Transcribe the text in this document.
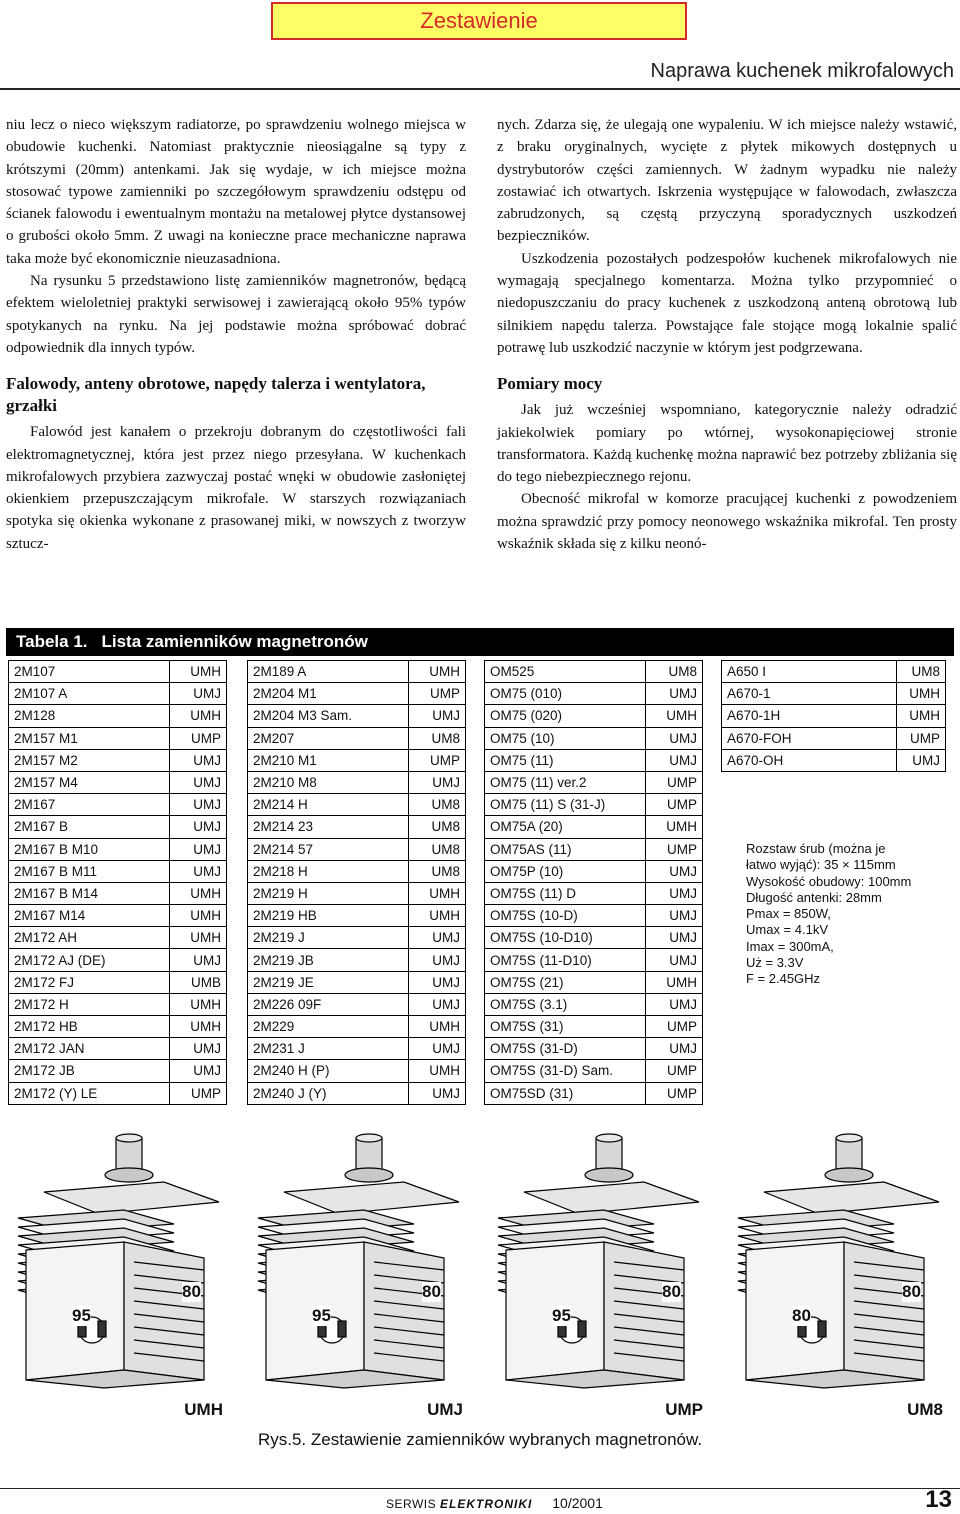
Zestawienie
Naprawa kuchenek mikrofalowych

niu lecz o nieco większym radiatorze, po sprawdzeniu wolnego miejsca w obudowie kuchenki. Natomiast praktycznie nieosiągalne są typy z krótszymi (20mm) antenkami. Jak się wydaje, w ich miejsce można stosować typowe zamienniki po szczegółowym sprawdzeniu odstępu od ścianek falowodu i ewentualnym montażu na metalowej płytce dystansowej o grubości około 5mm. Z uwagi na konieczne prace mechaniczne naprawa taka może być ekonomicznie nieuzasadniona.

Na rysunku 5 przedstawiono listę zamienników magnetronów, będącą efektem wieloletniej praktyki serwisowej i zawierającą około 95% typów spotykanych na rynku. Na jej podstawie można spróbować dobrać odpowiednik dla innych typów.

Falowody, anteny obrotowe, napędy talerza i wentylatora, grzałki

Falowód jest kanałem o przekroju dobranym do częstotliwości fali elektromagnetycznej, która jest przez niego przesyłana. W kuchenkach mikrofalowych przybiera zazwyczaj postać wnęki w obudowie zasłoniętej okienkiem przepuszczającym mikrofale. W starszych rozwiązaniach spotyka się okienka wykonane z prasowanej miki, w nowszych z tworzyw sztucz-

nych. Zdarza się, że ulegają one wypaleniu. W ich miejsce należy wstawić, z braku oryginalnych, wycięte z płytek mikowych dostępnych u dystrybutorów części zamiennych. W żadnym wypadku nie należy zostawiać ich otwartych. Iskrzenia występujące w falowodach, zwłaszcza zabrudzonych, są częstą przyczyną sporadycznych uszkodzeń bezpieczników.

Uszkodzenia pozostałych podzespołów kuchenek mikrofalowych nie wymagają specjalnego komentarza. Można tylko przypomnieć o niedopuszczaniu do pracy kuchenek z uszkodzoną anteną obrotową lub silnikiem napędu talerza. Powstające fale stojące mogą lokalnie spalić potrawę lub uszkodzić naczynie w którym jest podgrzewana.

Pomiary mocy

Jak już wcześniej wspomniano, kategorycznie należy odradzić jakiekolwiek pomiary po wtórnej, wysokonapięciowej stronie transformatora. Każdą kuchenkę można naprawić bez potrzeby zbliżania się do tego niebezpiecznego rejonu.

Obecność mikrofal w komorze pracującej kuchenki z powodzeniem można sprawdzić przy pomocy neonowego wskaźnika mikrofal. Ten prosty wskaźnik składa się z kilku neonó-

Tabela 1. Lista zamienników magnetronów
2M107	UMH
2M107 A	UMJ
2M128	UMH
2M157 M1	UMP
2M157 M2	UMJ
2M157 M4	UMJ
2M167	UMJ
2M167 B	UMJ
2M167 B M10	UMJ
2M167 B M11	UMJ
2M167 B M14	UMH
2M167 M14	UMH
2M172 AH	UMH
2M172 AJ (DE)	UMJ
2M172 FJ	UMB
2M172 H	UMH
2M172 HB	UMH
2M172 JAN	UMJ
2M172 JB	UMJ
2M172 (Y) LE	UMP
2M189 A	UMH
2M204 M1	UMP
2M204 M3 Sam.	UMJ
2M207	UM8
2M210 M1	UMP
2M210 M8	UMJ
2M214 H	UM8
2M214 23	UM8
2M214 57	UM8
2M218 H	UM8
2M219 H	UMH
2M219 HB	UMH
2M219 J	UMJ
2M219 JB	UMJ
2M219 JE	UMJ
2M226 09F	UMJ
2M229	UMH
2M231 J	UMJ
2M240 H (P)	UMH
2M240 J (Y)	UMJ
OM525	UM8
OM75 (010)	UMJ
OM75 (020)	UMH
OM75 (10)	UMJ
OM75 (11)	UMJ
OM75 (11) ver.2	UMP
OM75 (11) S (31-J)	UMP
OM75A (20)	UMH
OM75AS (11)	UMP
OM75P (10)	UMJ
OM75S (11) D	UMJ
OM75S (10-D)	UMJ
OM75S (10-D10)	UMJ
OM75S (11-D10)	UMJ
OM75S (21)	UMH
OM75S (3.1)	UMJ
OM75S (31)	UMP
OM75S (31-D)	UMJ
OM75S (31-D) Sam.	UMP
OM75SD (31)	UMP
A650 I	UM8
A670-1	UMH
A670-1H	UMH
A670-FOH	UMP
A670-OH	UMJ
Rozstaw śrub (można je
łatwo wyjąć): 35 × 115mm
Wysokość obudowy: 100mm
Długość antenki: 28mm
Pmax = 850W,
Umax = 4.1kV
Imax = 300mA,
Uż = 3.3V
F = 2.45GHz
95
80
UMH
95
80
UMJ
95
80
UMP
80
80
UM8
Rys.5. Zestawienie zamienników wybranych magnetronów.
SERWIS ELEKTRONIKI 10/2001	13
